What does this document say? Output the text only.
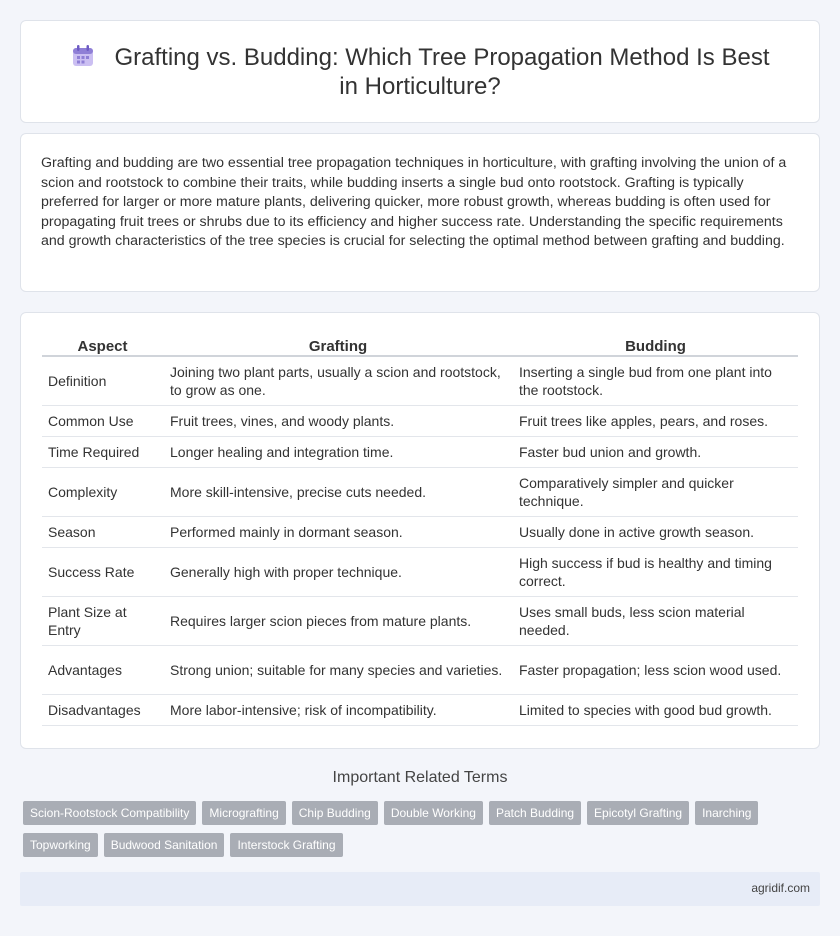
Grafting vs. Budding: Which Tree Propagation Method Is Best in Horticulture?

Grafting and budding are two essential tree propagation techniques in horticulture, with grafting involving the union of a scion and rootstock to combine their traits, while budding inserts a single bud onto rootstock. Grafting is typically preferred for larger or more mature plants, delivering quicker, more robust growth, whereas budding is often used for propagating fruit trees or shrubs due to its efficiency and higher success rate. Understanding the specific requirements and growth characteristics of the tree species is crucial for selecting the optimal method between grafting and budding.

Aspect	Grafting	Budding
Definition	Joining two plant parts, usually a scion and rootstock, to grow as one.	Inserting a single bud from one plant into the rootstock.
Common Use	Fruit trees, vines, and woody plants.	Fruit trees like apples, pears, and roses.
Time Required	Longer healing and integration time.	Faster bud union and growth.
Complexity	More skill-intensive, precise cuts needed.	Comparatively simpler and quicker technique.
Season	Performed mainly in dormant season.	Usually done in active growth season.
Success Rate	Generally high with proper technique.	High success if bud is healthy and timing correct.
Plant Size at Entry	Requires larger scion pieces from mature plants.	Uses small buds, less scion material needed.
Advantages	Strong union; suitable for many species and varieties.	Faster propagation; less scion wood used.
Disadvantages	More labor-intensive; risk of incompatibility.	Limited to species with good bud growth.
Important Related Terms
Scion-Rootstock Compatibility	Micrografting	Chip Budding	Double Working	Patch Budding	Epicotyl Grafting	Inarching
Topworking	Budwood Sanitation	Interstock Grafting
agridif.com
